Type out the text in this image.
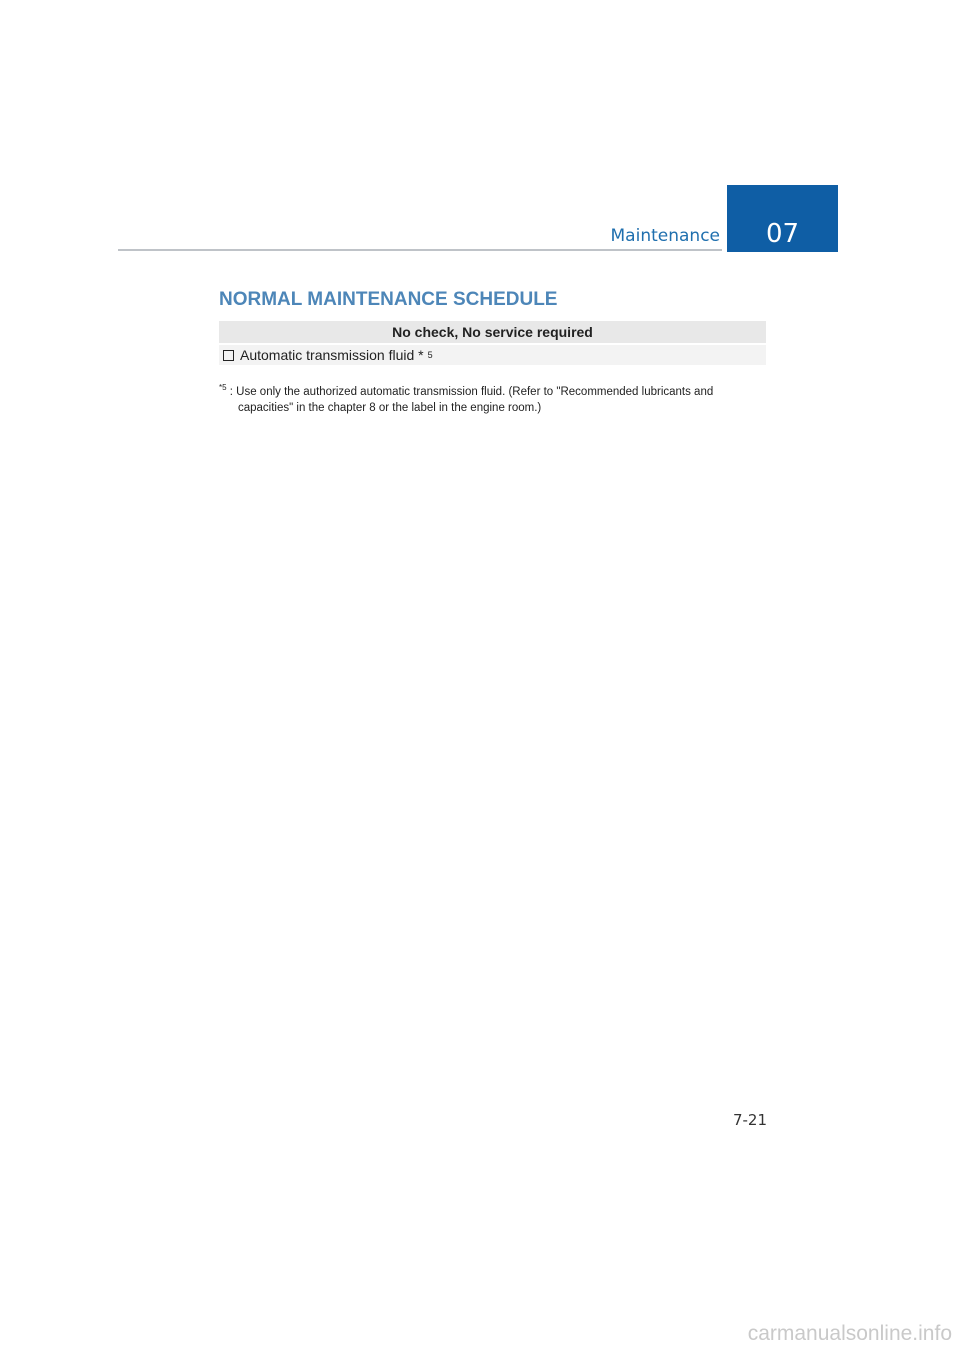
Maintenance 07
NORMAL MAINTENANCE SCHEDULE
No check, No service required
Automatic transmission fluid * 5
$^{*5}$ : Use only the authorized automatic transmission fluid. (Refer to "Recommended lubricants and
capacities" in the chapter 8 or the label in the engine room.)
7-21
carmanualsonline.info
